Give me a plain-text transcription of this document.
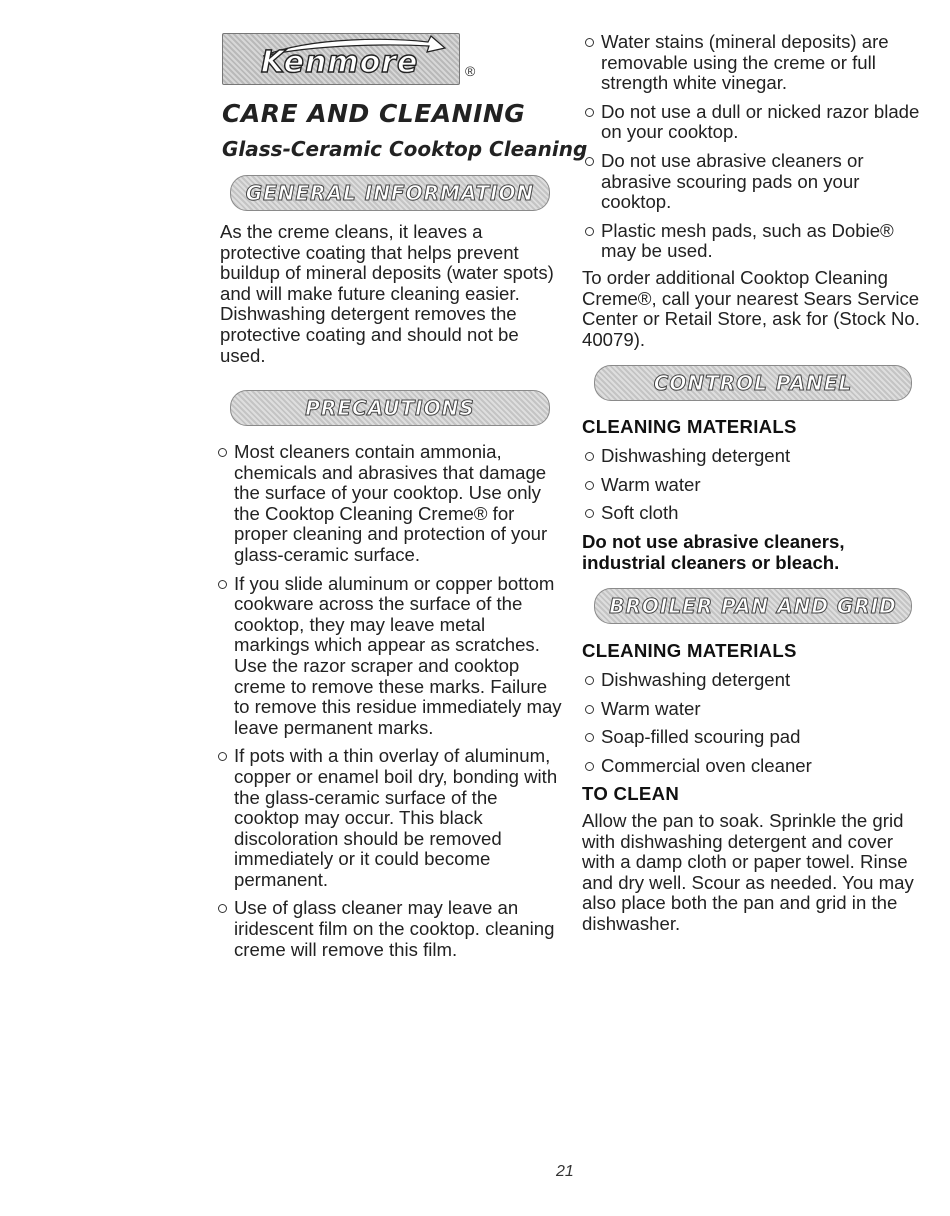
Kenmore	®
CARE AND CLEANING
Glass-Ceramic Cooktop Cleaning
GENERAL INFORMATION

As the creme cleans, it leaves a protective coating that helps prevent buildup of mineral deposits (water spots) and will make future cleaning easier. Dishwashing detergent removes the protective coating and should not be used.

PRECAUTIONS
Most cleaners contain ammonia, chemicals and abrasives that damage the surface of your cooktop. Use only the Cooktop Cleaning Creme® for proper cleaning and protection of your glass-ceramic surface.
If you slide aluminum or copper bottom cookware across the surface of the cooktop, they may leave metal markings which appear as scratches. Use the razor scraper and cooktop creme to remove these marks. Failure to remove this residue immediately may leave permanent marks.
If pots with a thin overlay of aluminum, copper or enamel boil dry, bonding with the glass-ceramic surface of the cooktop may occur. This black discoloration should be removed immediately or it could become permanent.
Use of glass cleaner may leave an iridescent film on the cooktop. cleaning creme will remove this film.
Water stains (mineral deposits) are removable using the creme or full strength white vinegar.
Do not use a dull or nicked razor blade on your cooktop.
Do not use abrasive cleaners or abrasive scouring pads on your cooktop.
Plastic mesh pads, such as Dobie® may be used.

To order additional Cooktop Cleaning Creme®, call your nearest Sears Service Center or Retail Store, ask for (Stock No. 40079).

CONTROL PANEL

CLEANING MATERIALS

Dishwashing detergent
Warm water
Soft cloth

Do not use abrasive cleaners, industrial cleaners or bleach.

BROILER PAN AND GRID

CLEANING MATERIALS

Dishwashing detergent
Warm water
Soap-filled scouring pad
Commercial oven cleaner

TO CLEAN

Allow the pan to soak. Sprinkle the grid with dishwashing detergent and cover with a damp cloth or paper towel. Rinse and dry well. Scour as needed. You may also place both the pan and grid in the dishwasher.

21
